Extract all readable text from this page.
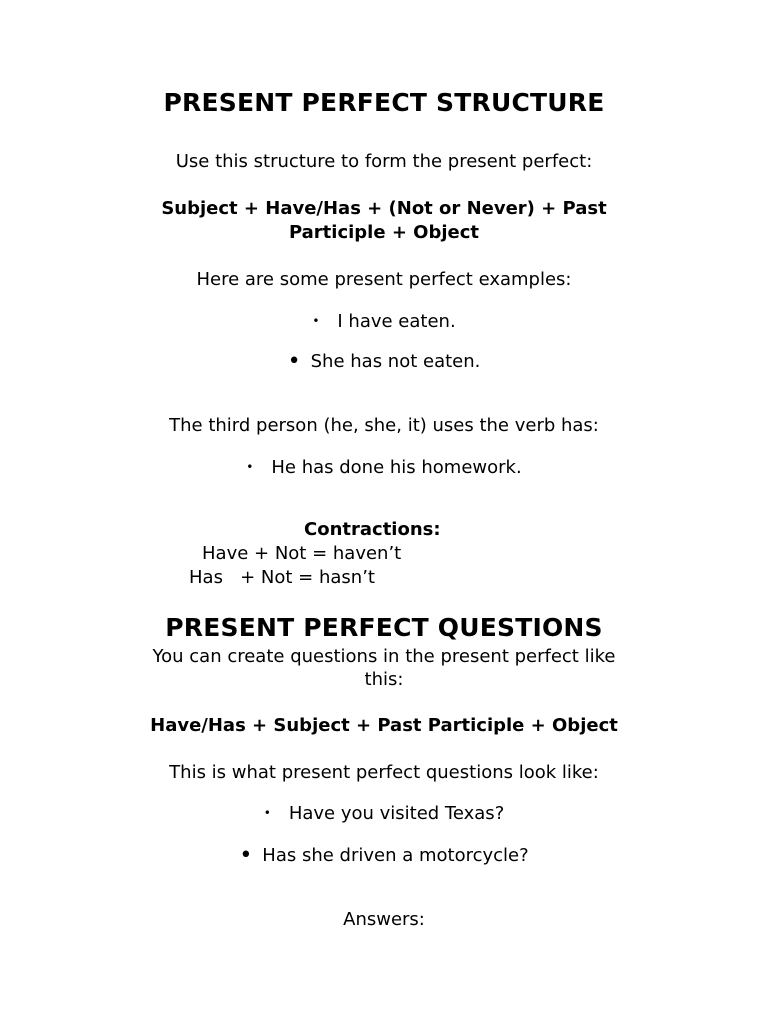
PRESENT PERFECT STRUCTURE
Use this structure to form the present perfect:
Subject + Have/Has + (Not or Never) + Past
Participle + Object
Here are some present perfect examples:
• I have eaten.
• She has not eaten.
The third person (he, she, it) uses the verb has:
• He has done his homework.
Contractions:
Have + Not = haven’t
Has   + Not = hasn’t
PRESENT PERFECT QUESTIONS
You can create questions in the present perfect like
this:
Have/Has + Subject + Past Participle + Object
This is what present perfect questions look like:
• Have you visited Texas?
• Has she driven a motorcycle?
Answers:
